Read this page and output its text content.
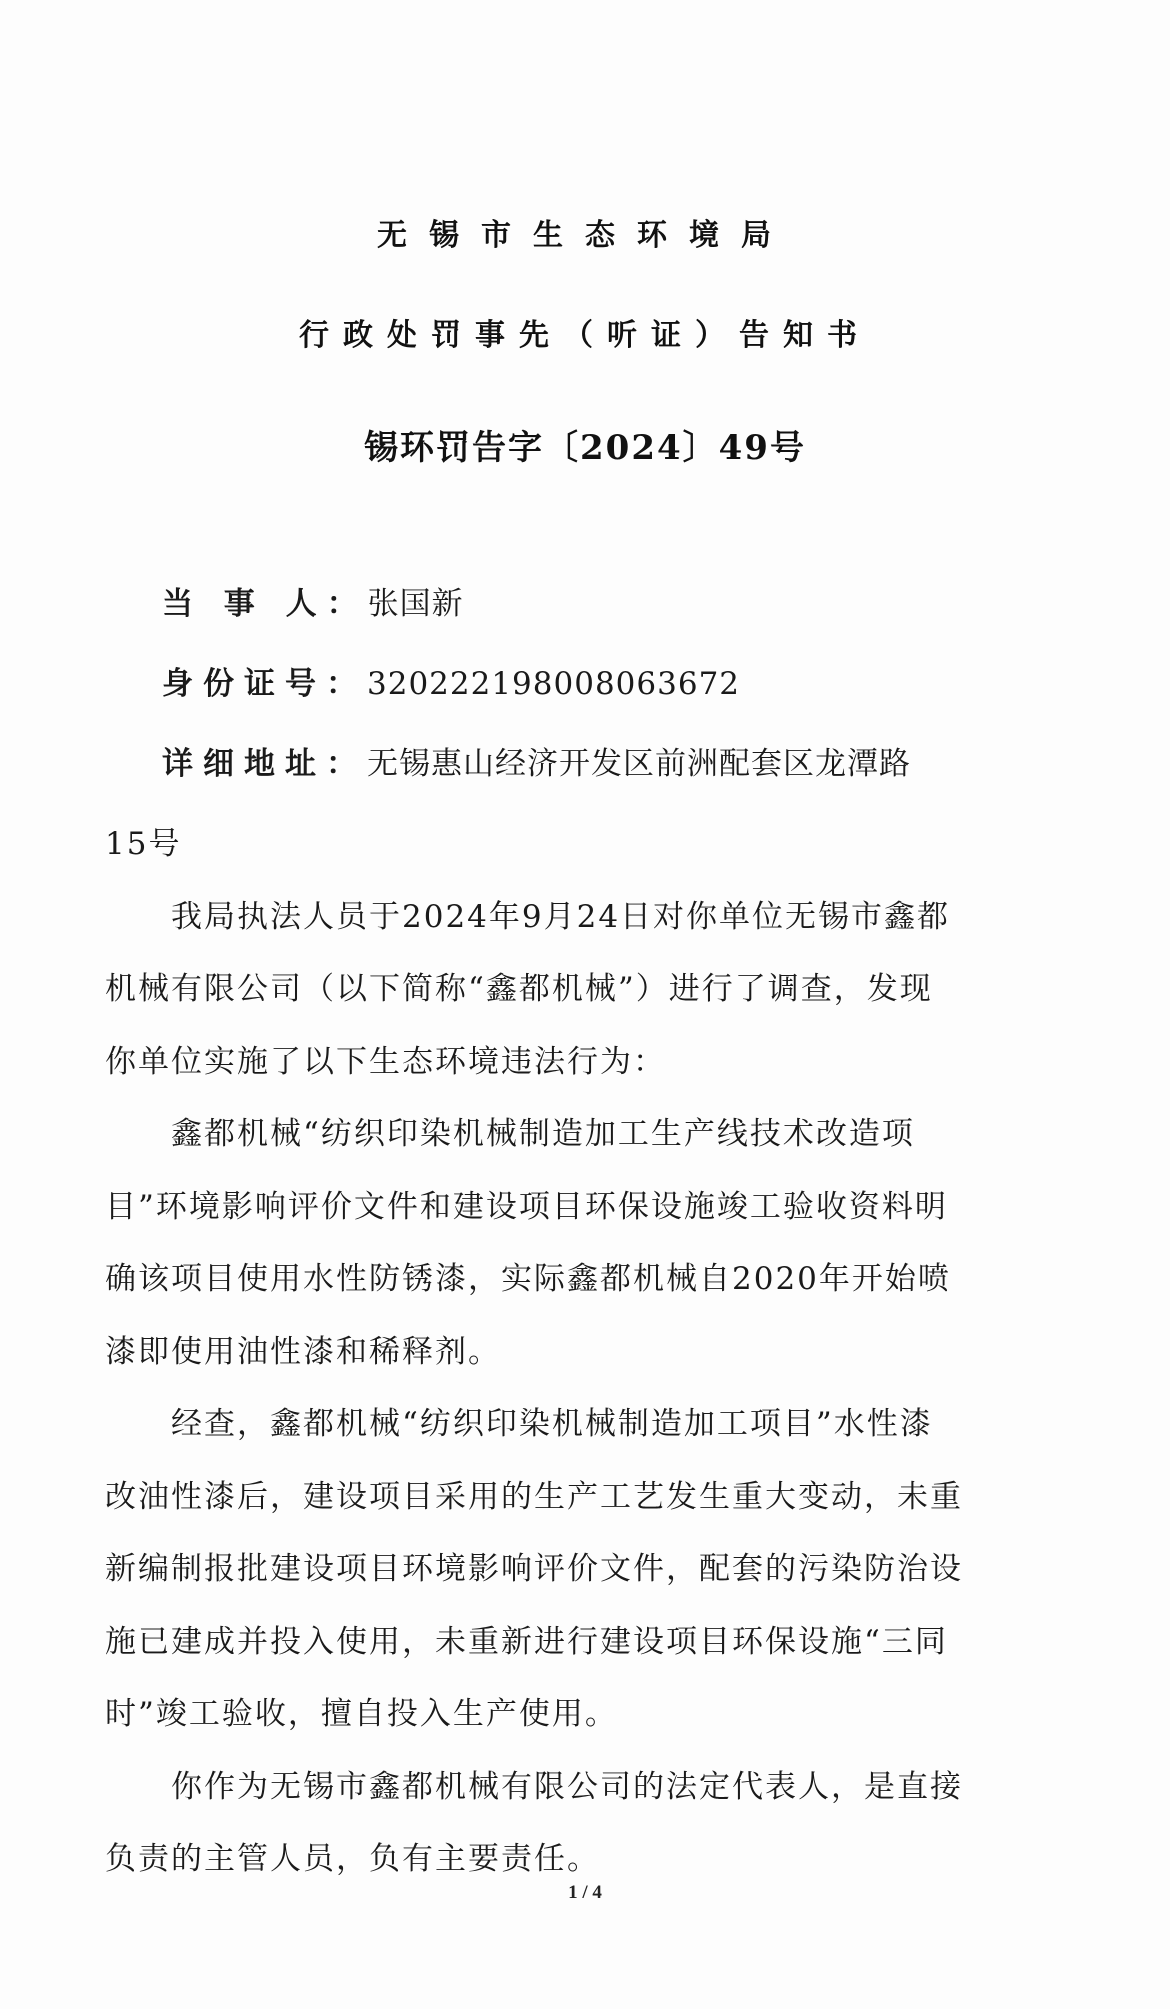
无锡市生态环境局
行政处罚事先（听证）告知书
锡环罚告字〔2024〕49号
当 事 人：张国新
身份证号：320222198008063672
详细地址：无锡惠山经济开发区前洲配套区龙潭路
15号
　　我局执法人员于2024年9月24日对你单位无锡市鑫都
机械有限公司（以下简称“鑫都机械”）进行了调查，发现
你单位实施了以下生态环境违法行为：
　　鑫都机械“纺织印染机械制造加工生产线技术改造项
目”环境影响评价文件和建设项目环保设施竣工验收资料明
确该项目使用水性防锈漆，实际鑫都机械自2020年开始喷
漆即使用油性漆和稀释剂。
　　经查，鑫都机械“纺织印染机械制造加工项目”水性漆
改油性漆后，建设项目采用的生产工艺发生重大变动，未重
新编制报批建设项目环境影响评价文件，配套的污染防治设
施已建成并投入使用，未重新进行建设项目环保设施“三同
时”竣工验收，擅自投入生产使用。
　　你作为无锡市鑫都机械有限公司的法定代表人，是直接
负责的主管人员，负有主要责任。
1 / 4
